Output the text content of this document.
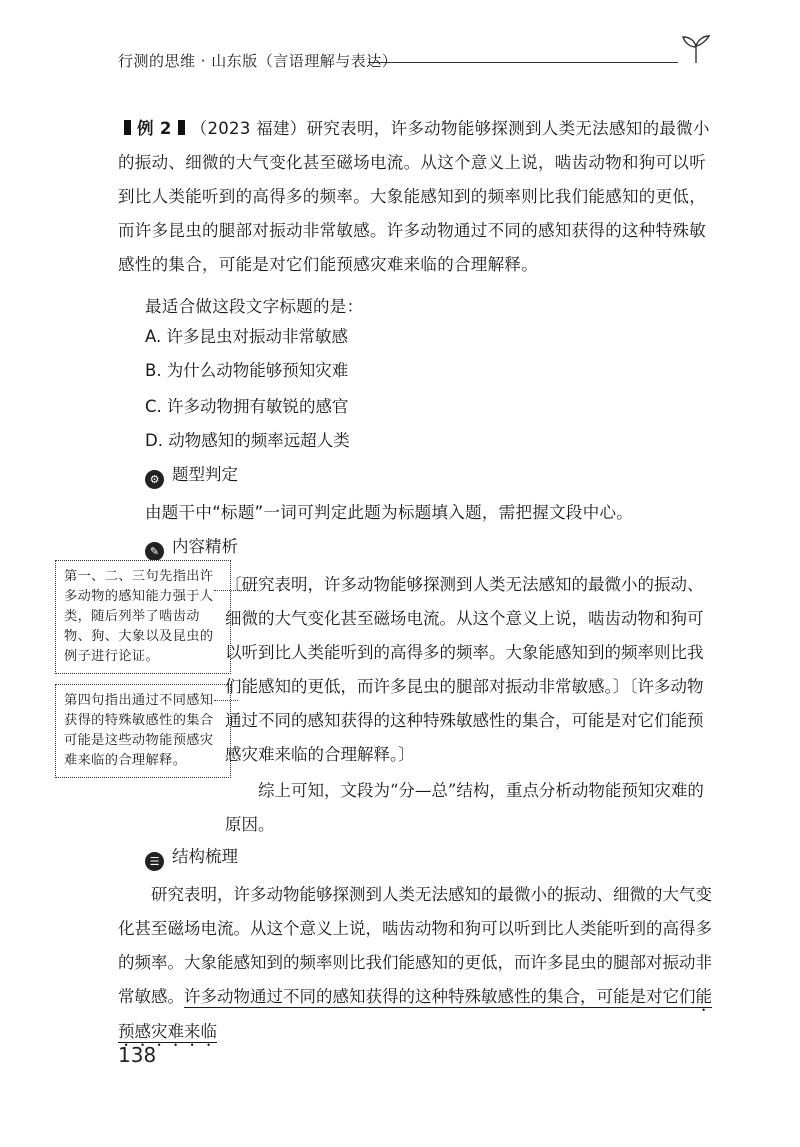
行测的思维 · 山东版（言语理解与表达）
例 2 （2023 福建）研究表明，许多动物能够探测到人类无法感知的最微小的振动、细微的大气变化甚至磁场电流。从这个意义上说，啮齿动物和狗可以听到比人类能听到的高得多的频率。大象能感知到的频率则比我们能感知的更低，而许多昆虫的腿部对振动非常敏感。许多动物通过不同的感知获得的这种特殊敏感性的集合，可能是对它们能预感灾难来临的合理解释。
最适合做这段文字标题的是：
A. 许多昆虫对振动非常敏感
B. 为什么动物能够预知灾难
C. 许多动物拥有敏锐的感官
D. 动物感知的频率远超人类
⚙ 题型判定
由题干中“标题”一词可判定此题为标题填入题，需把握文段中心。
✎ 内容精析
第一、二、三句先指出许多动物的感知能力强于人类，随后列举了啮齿动物、狗、大象以及昆虫的例子进行论证。
第四句指出通过不同感知获得的特殊敏感性的集合可能是这些动物能预感灾难来临的合理解释。
〔研究表明，许多动物能够探测到人类无法感知的最微小的振动、细微的大气变化甚至磁场电流。从这个意义上说，啮齿动物和狗可以听到比人类能听到的高得多的频率。大象能感知到的频率则比我们能感知的更低，而许多昆虫的腿部对振动非常敏感。〕〔许多动物通过不同的感知获得的这种特殊敏感性的集合，可能是对它们能预感灾难来临的合理解释。〕
综上可知，文段为“分—总”结构，重点分析动物能预知灾难的原因。
☰ 结构梳理
研究表明，许多动物能够探测到人类无法感知的最微小的振动、细微的大气变化甚至磁场电流。从这个意义上说，啮齿动物和狗可以听到比人类能听到的高得多的频率。大象能感知到的频率则比我们能感知的更低，而许多昆虫的腿部对振动非常敏感。许多动物通过不同的感知获得的这种特殊敏感性的集合，可能是对它们能预感灾难来临
138
